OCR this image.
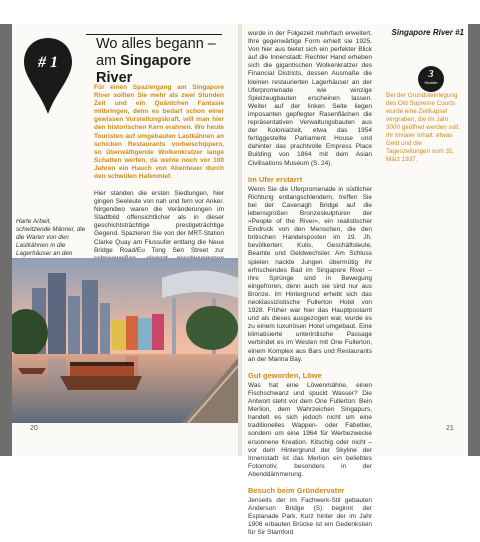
# 1
Wo alles begann – am Singapore River
Für einen Spaziergang am Singapore River sollten Sie mehr als zwei Stunden Zeit und ein Quäntchen Fantasie mitbringen, denn es bedarf schon einer gewissen Vorstellungskraft, will man hier den historischen Kern erahnen. Wo heute Touristen auf umgebauten Lastkähnen an schicken Restaurants vorbeischippern, so überwältigende Wolkenkratzer lange Schatten werfen, da wehte noch vor 100 Jahren ein Hauch von Abenteuer durch den schwülen Hafenmief.
Harte Arbeit, schwitzende Männer, die die Waren von den Lastkähnen in die Lagerhäuser an den
Hier standen die ersten Siedlungen, hier gingen Seeleute von nah und fern vor Anker. Nirgendwo waren die Veränderungen im Stadtbild offensichtlicher als in dieser geschichtsträchtige prestigeträchtige Gegend. Spazieren Sie von der MRT-Station Clarke Quay am Flussufer entlang die Neue Bridge Road/Eu Tong Sen Street zur
20

wurde in der Folgezeit mehrfach erweitert. Ihre gegenwärtige Form erhielt sie 1925. Von hier aus bietet sich ein perfekter Blick auf die Innenstadt: Rechter Hand erheben sich die gigantischen Wolkenkratzer des Financial Districts, dessen Ausmaße die kleinen restaurierten Lagerhäuser an der Uferpromenade wie winzige Spielzeugbauten erscheinen lassen. Weiter auf der linken Seite liegen imposanten gepflegter Rasenflächen die repräsentativen Verwaltungsbauten aus der Kolonialzeit, etwa das 1954 fertiggestellte Parliament House und dahinter das prachtvolle Empress Place Building von 1864 mit dem Asian Civilisations Museum (S. 24).

Im Ufer erstarrt

Wenn Sie die Uferpromenade in südlicher Richtung entlangschlendern, treffen Sie bei der Cavenagh Bridge auf die lebensgroßen Bronzeskulpturen der »People of the River«, ein realistischer Eindruck von den Menschen, die den britischen Handelsposten im 19. Jh. bevölkerten: Kulis, Geschäftsleute, Beamte und Geldwechsler. Am Schluss spielen nackte Jungen übermütig ihr erfrischendes Bad im Singapore River – ihre Sprünge sind in Bewegung eingefroren, denn auch sie sind nur aus Bronze. Im Hintergrund erhebt sich das neoklassizistische Fullerton Hotel von 1928. Früher war hier das Hauptpostamt und als dieses ausgezogen war, wurde es zu einem luxuriösen Hotel umgebaut. Eine klimatisierte unterirdische Passage verbindet es im Westen mit One Fullerton, einem Komplex aus Bars und Restaurants an der Marina Bay.

Gut geworden, Löwe

Was hat eine Löwenmähne, einen Fischschwanz und spuckt Wasser? Die Antwort steht vor dem One Fullerton: Bein Merlion, dem Wahrzeichen Singapurs, handelt es sich jedoch nicht um eine traditionelles Wappen- oder Fabeltier, sondern um eine 1964 für Werbezwecke ersonnene Kreation. Kitschig oder nicht – vor dem Hintergrund der Skyline der Innenstadt ist das Merlion ein beliebtes Fotomotiv, besonders in der Abenddämmerung.

Besuch beim Gründervater

Jenseits der im Fachwerk-Stil gebauten Anderson Bridge (S) beginnt der Esplanade Park. Kurz hinter der im Jahr 1906 erbauten Brücke ist ein Gedenkstein für Sir Stamford

Singapore River #1
3
Stunden
Bei der Grundsteinlegung des Old Supreme Courts wurde eine Zeitkapsel vergraben, die im Jahr 3000 geöffnet werden soll. Ihr trivialer Inhalt: etwas Geld und die Tageszeitungen vom 31. März 1937.
21
